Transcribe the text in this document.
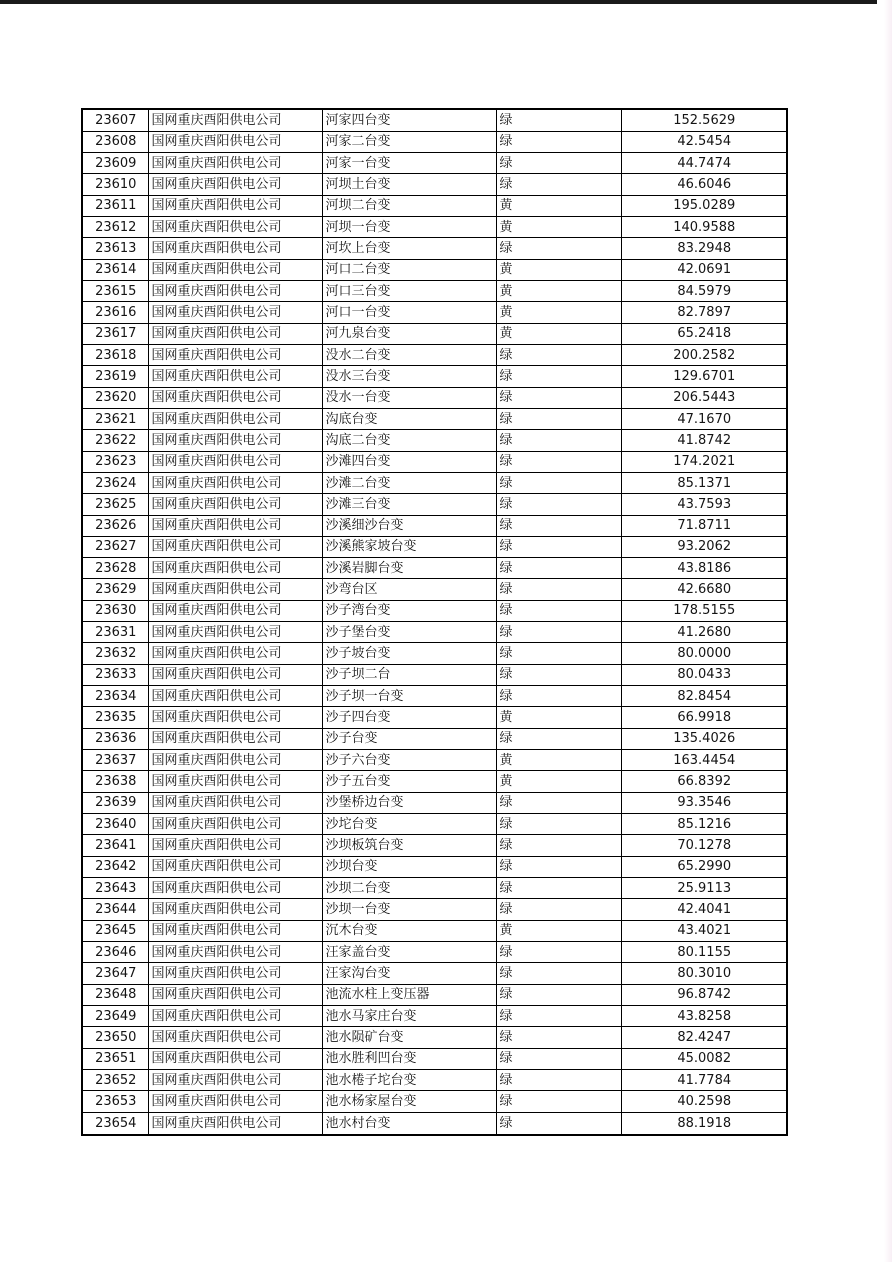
23607	国网重庆酉阳供电公司	河家四台变	绿	152.5629
23608	国网重庆酉阳供电公司	河家二台变	绿	42.5454
23609	国网重庆酉阳供电公司	河家一台变	绿	44.7474
23610	国网重庆酉阳供电公司	河坝土台变	绿	46.6046
23611	国网重庆酉阳供电公司	河坝二台变	黄	195.0289
23612	国网重庆酉阳供电公司	河坝一台变	黄	140.9588
23613	国网重庆酉阳供电公司	河坎上台变	绿	83.2948
23614	国网重庆酉阳供电公司	河口二台变	黄	42.0691
23615	国网重庆酉阳供电公司	河口三台变	黄	84.5979
23616	国网重庆酉阳供电公司	河口一台变	黄	82.7897
23617	国网重庆酉阳供电公司	河九泉台变	黄	65.2418
23618	国网重庆酉阳供电公司	没水二台变	绿	200.2582
23619	国网重庆酉阳供电公司	没水三台变	绿	129.6701
23620	国网重庆酉阳供电公司	没水一台变	绿	206.5443
23621	国网重庆酉阳供电公司	沟底台变	绿	47.1670
23622	国网重庆酉阳供电公司	沟底二台变	绿	41.8742
23623	国网重庆酉阳供电公司	沙滩四台变	绿	174.2021
23624	国网重庆酉阳供电公司	沙滩二台变	绿	85.1371
23625	国网重庆酉阳供电公司	沙滩三台变	绿	43.7593
23626	国网重庆酉阳供电公司	沙溪细沙台变	绿	71.8711
23627	国网重庆酉阳供电公司	沙溪熊家坡台变	绿	93.2062
23628	国网重庆酉阳供电公司	沙溪岩脚台变	绿	43.8186
23629	国网重庆酉阳供电公司	沙弯台区	绿	42.6680
23630	国网重庆酉阳供电公司	沙子湾台变	绿	178.5155
23631	国网重庆酉阳供电公司	沙子堡台变	绿	41.2680
23632	国网重庆酉阳供电公司	沙子坡台变	绿	80.0000
23633	国网重庆酉阳供电公司	沙子坝二台	绿	80.0433
23634	国网重庆酉阳供电公司	沙子坝一台变	绿	82.8454
23635	国网重庆酉阳供电公司	沙子四台变	黄	66.9918
23636	国网重庆酉阳供电公司	沙子台变	绿	135.4026
23637	国网重庆酉阳供电公司	沙子六台变	黄	163.4454
23638	国网重庆酉阳供电公司	沙子五台变	黄	66.8392
23639	国网重庆酉阳供电公司	沙堡桥边台变	绿	93.3546
23640	国网重庆酉阳供电公司	沙坨台变	绿	85.1216
23641	国网重庆酉阳供电公司	沙坝板筑台变	绿	70.1278
23642	国网重庆酉阳供电公司	沙坝台变	绿	65.2990
23643	国网重庆酉阳供电公司	沙坝二台变	绿	25.9113
23644	国网重庆酉阳供电公司	沙坝一台变	绿	42.4041
23645	国网重庆酉阳供电公司	沉木台变	黄	43.4021
23646	国网重庆酉阳供电公司	汪家盖台变	绿	80.1155
23647	国网重庆酉阳供电公司	汪家沟台变	绿	80.3010
23648	国网重庆酉阳供电公司	池流水柱上变压器	绿	96.8742
23649	国网重庆酉阳供电公司	池水马家庄台变	绿	43.8258
23650	国网重庆酉阳供电公司	池水陨矿台变	绿	82.4247
23651	国网重庆酉阳供电公司	池水胜利凹台变	绿	45.0082
23652	国网重庆酉阳供电公司	池水棬子坨台变	绿	41.7784
23653	国网重庆酉阳供电公司	池水杨家屋台变	绿	40.2598
23654	国网重庆酉阳供电公司	池水村台变	绿	88.1918
